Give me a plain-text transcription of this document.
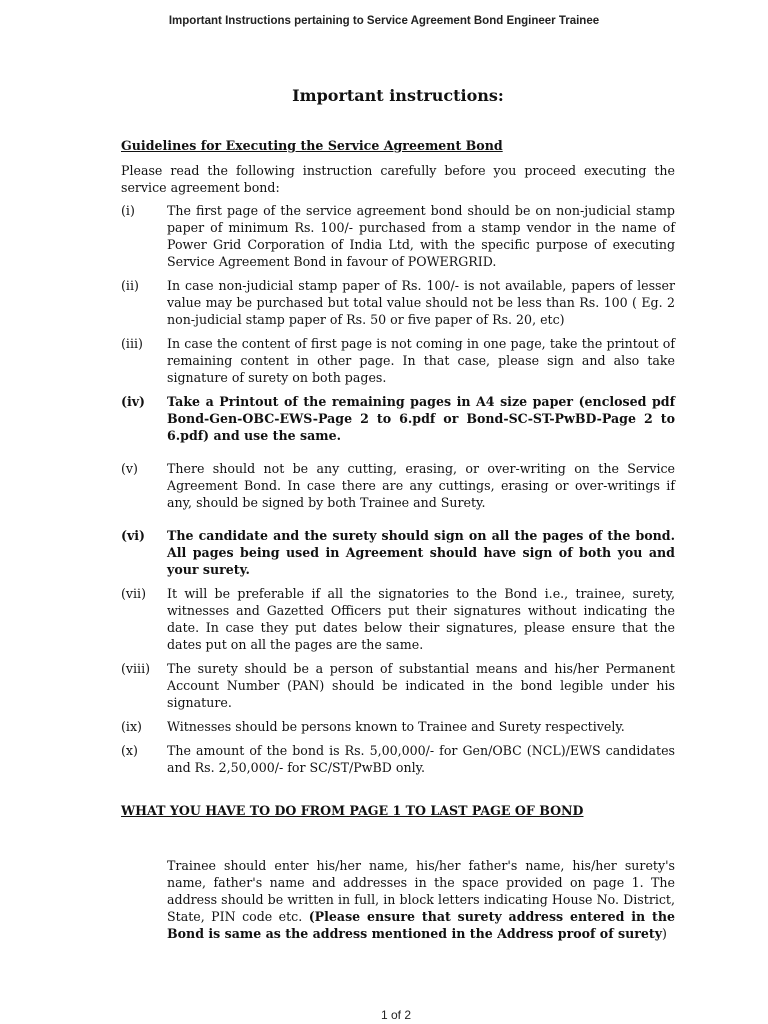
Important Instructions pertaining to Service Agreement Bond Engineer Trainee
Important instructions:
Guidelines for Executing the Service Agreement Bond
Please read the following instruction carefully before you proceed executing the service agreement bond:
(i)	The first page of the service agreement bond should be on non-judicial stamp paper of minimum Rs. 100/- purchased from a stamp vendor in the name of Power Grid Corporation of India Ltd, with the specific purpose of executing Service Agreement Bond in favour of POWERGRID.
(ii)	In case non-judicial stamp paper of Rs. 100/- is not available, papers of lesser value may be purchased but total value should not be less than Rs. 100 ( Eg. 2 non-judicial stamp paper of Rs. 50 or five paper of Rs. 20, etc)
(iii)	In case the content of first page is not coming in one page, take the printout of remaining content in other page. In that case, please sign and also take signature of surety on both pages.
(iv)	Take a Printout of the remaining pages in A4 size paper (enclosed pdf Bond-Gen-OBC-EWS-Page 2 to 6.pdf or Bond-SC-ST-PwBD-Page 2 to 6.pdf) and use the same.
(v)	There should not be any cutting, erasing, or over-writing on the Service Agreement Bond. In case there are any cuttings, erasing or over-writings if any, should be signed by both Trainee and Surety.
(vi)	The candidate and the surety should sign on all the pages of the bond. All pages being used in Agreement should have sign of both you and your surety.
(vii)	It will be preferable if all the signatories to the Bond i.e., trainee, surety, witnesses and Gazetted Officers put their signatures without indicating the date. In case they put dates below their signatures, please ensure that the dates put on all the pages are the same.
(viii)	The surety should be a person of substantial means and his/her Permanent Account Number (PAN) should be indicated in the bond legible under his signature.
(ix)	Witnesses should be persons known to Trainee and Surety respectively.
(x)	The amount of the bond is Rs. 5,00,000/- for Gen/OBC (NCL)/EWS candidates and Rs. 2,50,000/- for SC/ST/PwBD only.
WHAT YOU HAVE TO DO FROM PAGE 1 TO LAST PAGE OF BOND
Trainee should enter his/her name, his/her father's name, his/her surety's name, father's name and addresses in the space provided on page 1. The address should be written in full, in block letters indicating House No. District, State, PIN code etc. (Please ensure that surety address entered in the Bond is same as the address mentioned in the Address proof of surety)
1 of 2
